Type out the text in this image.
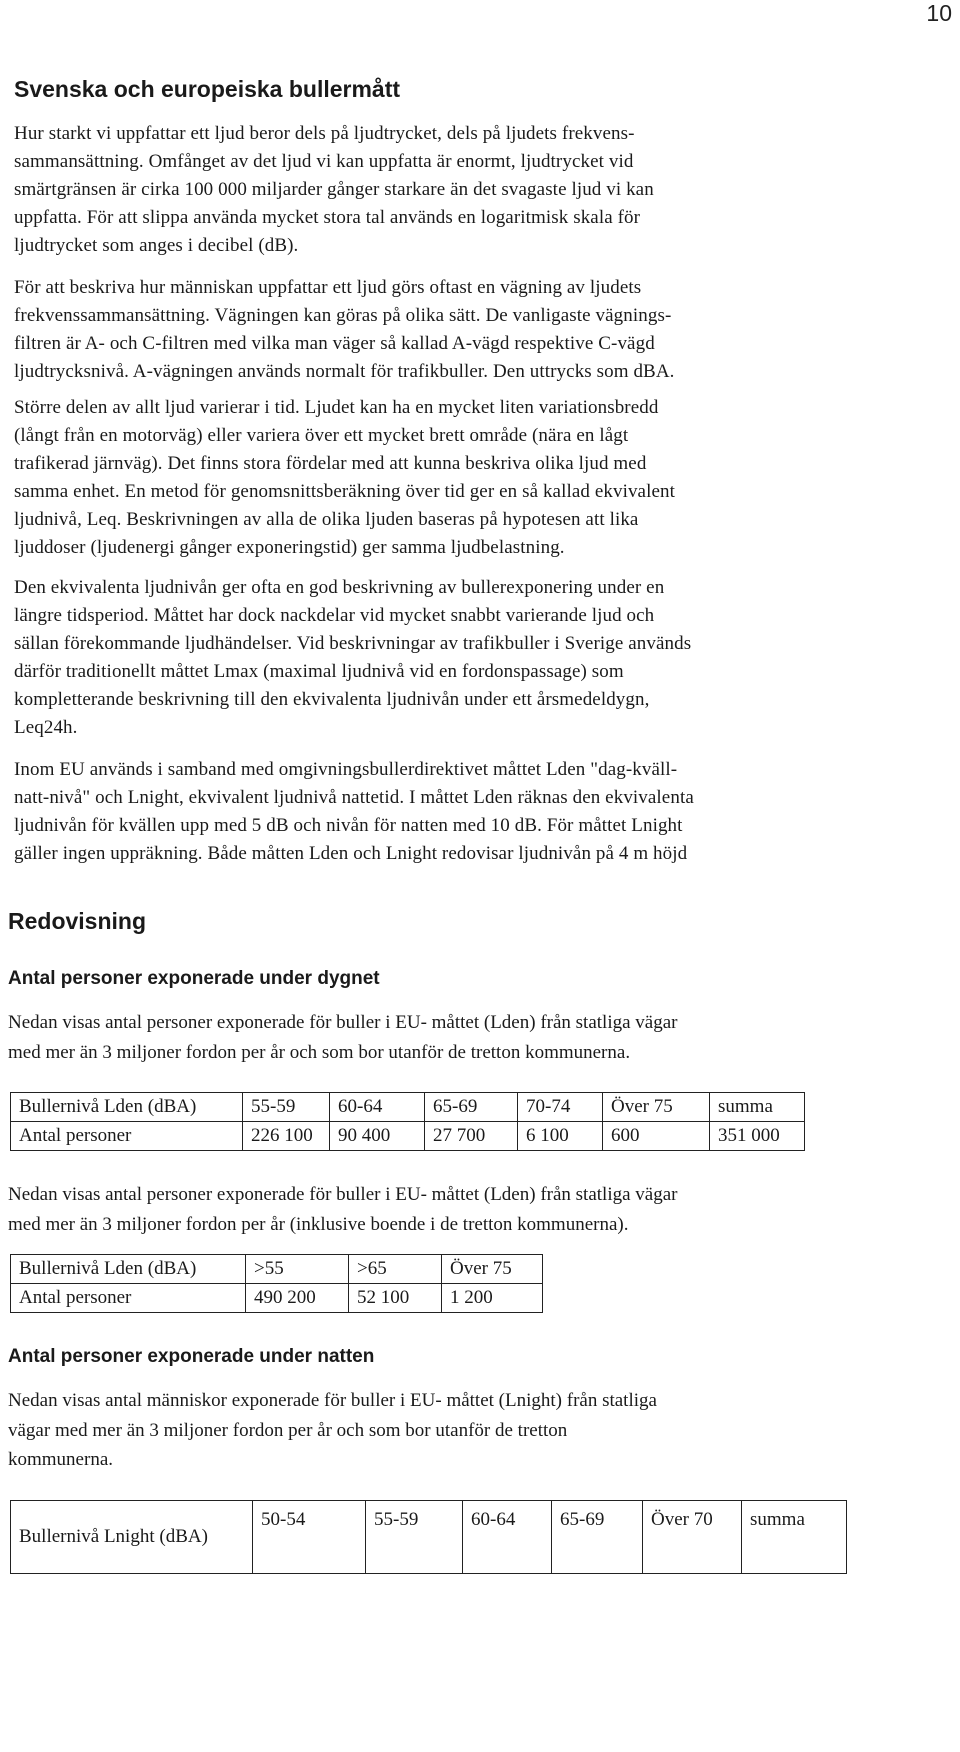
10
Svenska och europeiska bullermått
Hur starkt vi uppfattar ett ljud beror dels på ljudtrycket, dels på ljudets frekvens-
sammansättning. Omfånget av det ljud vi kan uppfatta är enormt, ljudtrycket vid
smärtgränsen är cirka 100 000 miljarder gånger starkare än det svagaste ljud vi kan
uppfatta. För att slippa använda mycket stora tal används en logaritmisk skala för
ljudtrycket som anges i decibel (dB).
För att beskriva hur människan uppfattar ett ljud görs oftast en vägning av ljudets
frekvenssammansättning. Vägningen kan göras på olika sätt. De vanligaste vägnings-
filtren är A- och C-filtren med vilka man väger så kallad A-vägd respektive C-vägd
ljudtrycksnivå. A-vägningen används normalt för trafikbuller. Den uttrycks som dBA.
Större delen av allt ljud varierar i tid. Ljudet kan ha en mycket liten variationsbredd
(långt från en motorväg) eller variera över ett mycket brett område (nära en lågt
trafikerad järnväg). Det finns stora fördelar med att kunna beskriva olika ljud med
samma enhet. En metod för genomsnittsberäkning över tid ger en så kallad ekvivalent
ljudnivå, Leq. Beskrivningen av alla de olika ljuden baseras på hypotesen att lika
ljuddoser (ljudenergi gånger exponeringstid) ger samma ljudbelastning.
Den ekvivalenta ljudnivån ger ofta en god beskrivning av bullerexponering under en
längre tidsperiod. Måttet har dock nackdelar vid mycket snabbt varierande ljud och
sällan förekommande ljudhändelser. Vid beskrivningar av trafikbuller i Sverige används
därför traditionellt måttet Lmax (maximal ljudnivå vid en fordonspassage) som
kompletterande beskrivning till den ekvivalenta ljudnivån under ett årsmedeldygn,
Leq24h.
Inom EU används i samband med omgivningsbullerdirektivet måttet Lden "dag-kväll-
natt-nivå" och Lnight, ekvivalent ljudnivå nattetid. I måttet Lden räknas den ekvivalenta
ljudnivån för kvällen upp med 5 dB och nivån för natten med 10 dB. För måttet Lnight
gäller ingen uppräkning. Både måtten Lden och Lnight redovisar ljudnivån på 4 m höjd
Redovisning
Antal personer exponerade under dygnet
Nedan visas antal personer exponerade för buller i EU- måttet (Lden) från statliga vägar
med mer än 3 miljoner fordon per år och som bor utanför de tretton kommunerna.
Bullernivå Lden (dBA)	55-59	60-64	65-69	70-74	Över 75	summa
Antal personer	226 100	90 400	27 700	6 100	600	351 000
Nedan visas antal personer exponerade för buller i EU- måttet (Lden) från statliga vägar
med mer än 3 miljoner fordon per år (inklusive boende i de tretton kommunerna).
Bullernivå Lden (dBA)	>55	>65	Över 75
Antal personer	490 200	52 100	1 200
Antal personer exponerade under natten
Nedan visas antal människor exponerade för buller i EU- måttet (Lnight) från statliga
vägar med mer än 3 miljoner fordon per år och som bor utanför de tretton
kommunerna.
Bullernivå Lnight (dBA)	50-54	55-59	60-64	65-69	Över 70	summa
